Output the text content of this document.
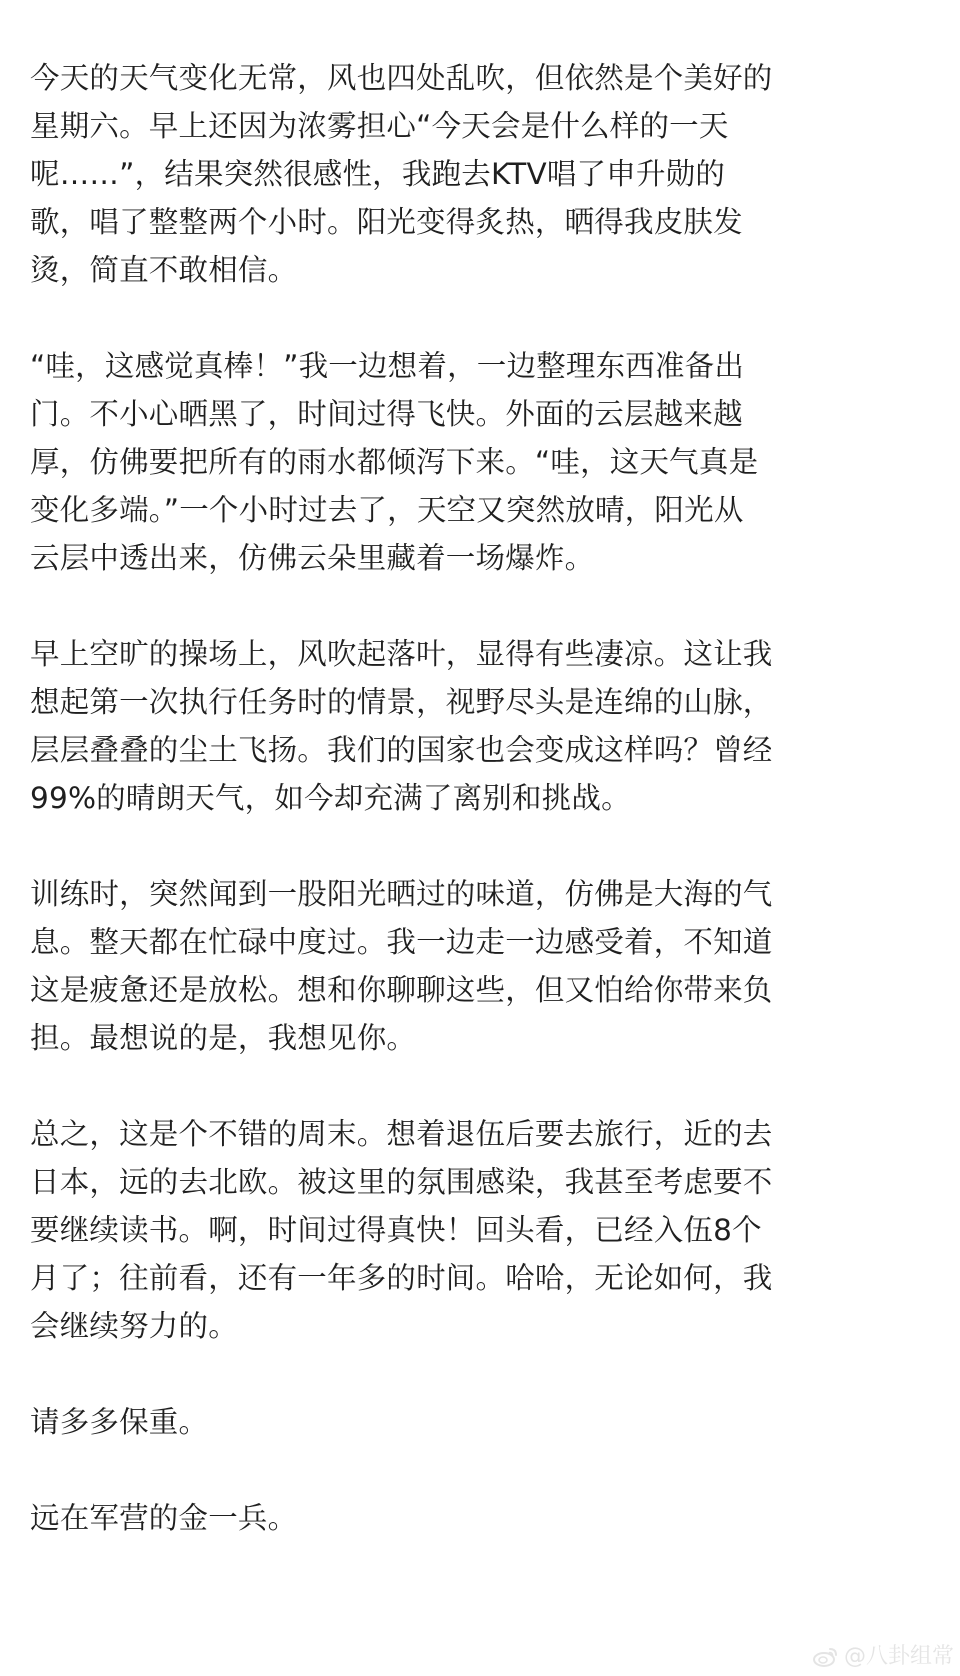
今天的天气变化无常，风也四处乱吹，但依然是个美好的
星期六。早上还因为浓雾担心“今天会是什么样的一天
呢……”，结果突然很感性，我跑去KTV唱了申升勋的
歌，唱了整整两个小时。阳光变得炙热，晒得我皮肤发
烫，简直不敢相信。
“哇，这感觉真棒！”我一边想着，一边整理东西准备出
门。不小心晒黑了，时间过得飞快。外面的云层越来越
厚，仿佛要把所有的雨水都倾泻下来。“哇，这天气真是
变化多端。”一个小时过去了，天空又突然放晴，阳光从
云层中透出来，仿佛云朵里藏着一场爆炸。
早上空旷的操场上，风吹起落叶，显得有些凄凉。这让我
想起第一次执行任务时的情景，视野尽头是连绵的山脉，
层层叠叠的尘土飞扬。我们的国家也会变成这样吗？曾经
99%的晴朗天气，如今却充满了离别和挑战。
训练时，突然闻到一股阳光晒过的味道，仿佛是大海的气
息。整天都在忙碌中度过。我一边走一边感受着，不知道
这是疲惫还是放松。想和你聊聊这些，但又怕给你带来负
担。最想说的是，我想见你。
总之，这是个不错的周末。想着退伍后要去旅行，近的去
日本，远的去北欧。被这里的氛围感染，我甚至考虑要不
要继续读书。啊，时间过得真快！回头看，已经入伍8个
月了；往前看，还有一年多的时间。哈哈，无论如何，我
会继续努力的。
请多多保重。
远在军营的金一兵。
@八卦组常
